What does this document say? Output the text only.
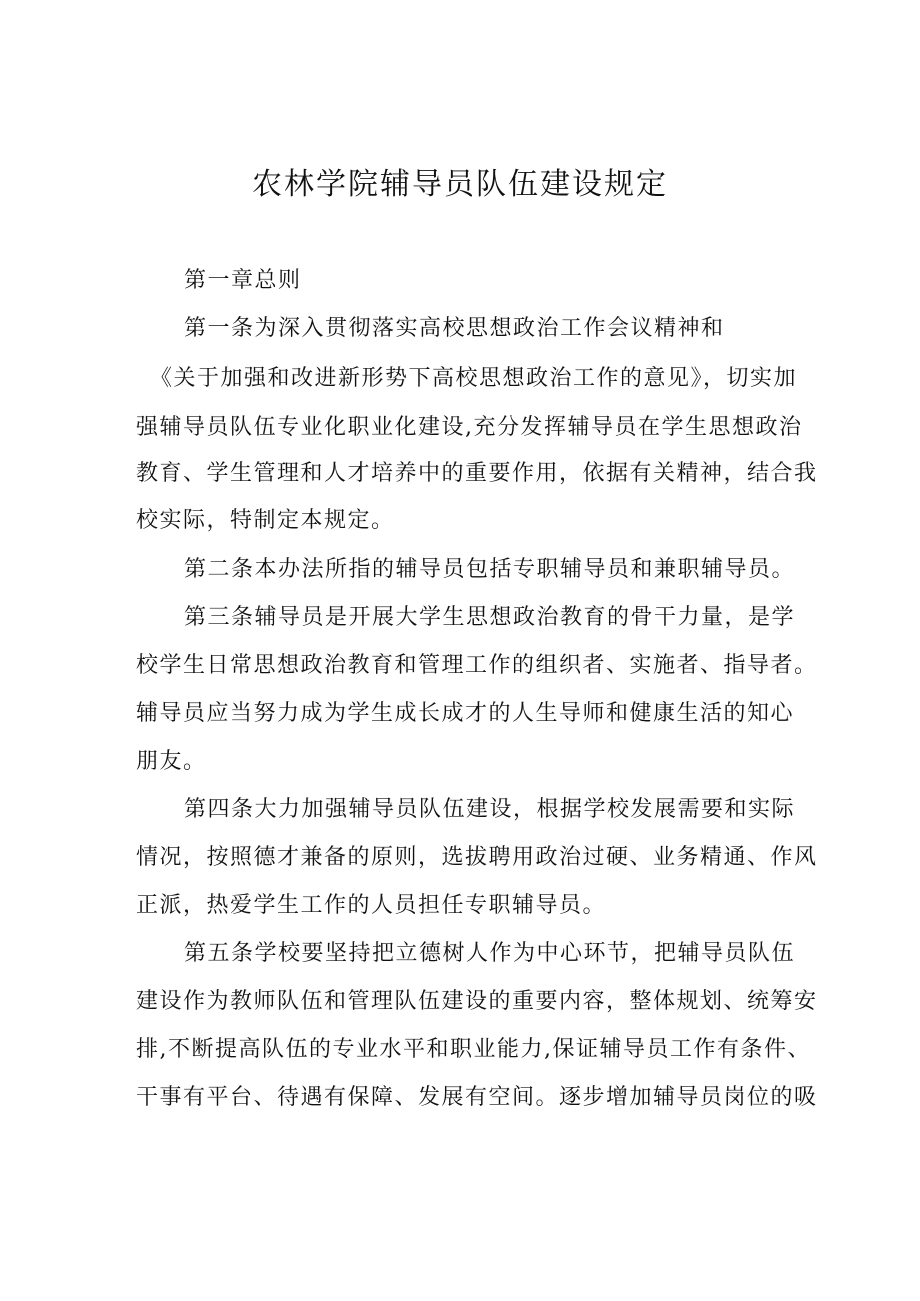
农林学院辅导员队伍建设规定
第一章总则
第一条为深入贯彻落实高校思想政治工作会议精神和
《关于加强和改进新形势下高校思想政治工作的意见》，切实加
强辅导员队伍专业化职业化建设,充分发挥辅导员在学生思想政治
教育、学生管理和人才培养中的重要作用，依据有关精神，结合我
校实际，特制定本规定。
第二条本办法所指的辅导员包括专职辅导员和兼职辅导员。
第三条辅导员是开展大学生思想政治教育的骨干力量，是学
校学生日常思想政治教育和管理工作的组织者、实施者、指导者。
辅导员应当努力成为学生成长成才的人生导师和健康生活的知心
朋友。
第四条大力加强辅导员队伍建设，根据学校发展需要和实际
情况，按照德才兼备的原则，选拔聘用政治过硬、业务精通、作风
正派，热爱学生工作的人员担任专职辅导员。
第五条学校要坚持把立德树人作为中心环节，把辅导员队伍
建设作为教师队伍和管理队伍建设的重要内容，整体规划、统筹安
排,不断提高队伍的专业水平和职业能力,保证辅导员工作有条件、
干事有平台、待遇有保障、发展有空间。逐步增加辅导员岗位的吸
